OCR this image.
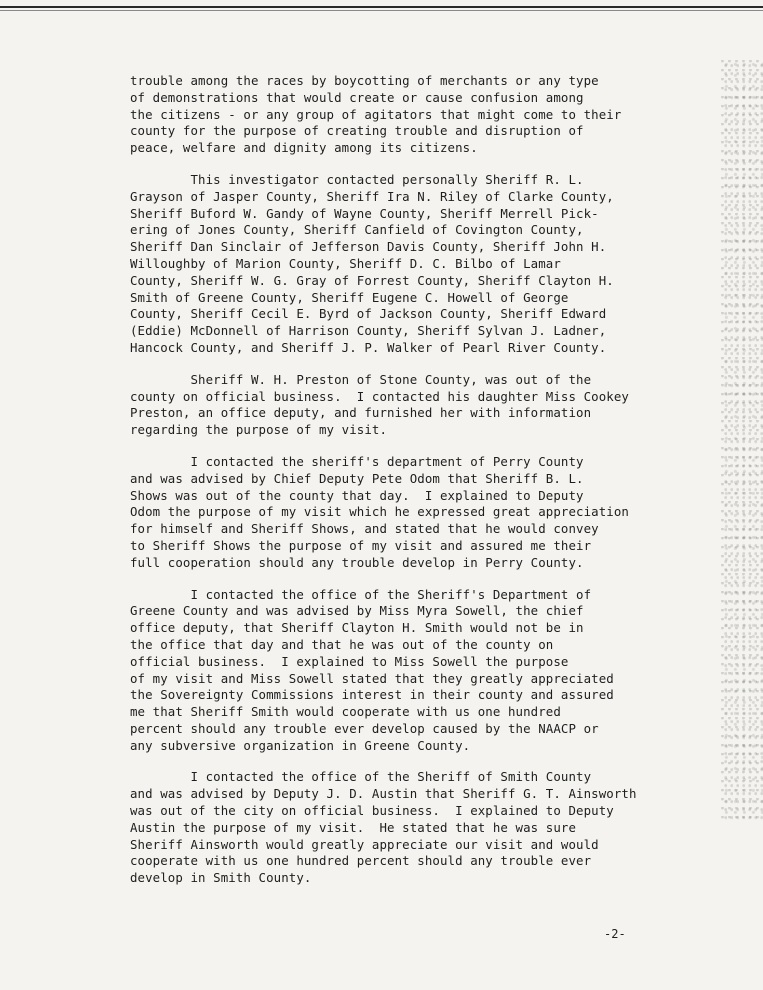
trouble among the races by boycotting of merchants or any type
of demonstrations that would create or cause confusion among
the citizens - or any group of agitators that might come to their
county for the purpose of creating trouble and disruption of
peace, welfare and dignity among its citizens.
This investigator contacted personally Sheriff R. L.
Grayson of Jasper County, Sheriff Ira N. Riley of Clarke County,
Sheriff Buford W. Gandy of Wayne County, Sheriff Merrell Pick-
ering of Jones County, Sheriff Canfield of Covington County,
Sheriff Dan Sinclair of Jefferson Davis County, Sheriff John H.
Willoughby of Marion County, Sheriff D. C. Bilbo of Lamar
County, Sheriff W. G. Gray of Forrest County, Sheriff Clayton H.
Smith of Greene County, Sheriff Eugene C. Howell of George
County, Sheriff Cecil E. Byrd of Jackson County, Sheriff Edward
(Eddie) McDonnell of Harrison County, Sheriff Sylvan J. Ladner,
Hancock County, and Sheriff J. P. Walker of Pearl River County.
Sheriff W. H. Preston of Stone County, was out of the
county on official business.  I contacted his daughter Miss Cookey
Preston, an office deputy, and furnished her with information
regarding the purpose of my visit.
I contacted the sheriff's department of Perry County
and was advised by Chief Deputy Pete Odom that Sheriff B. L.
Shows was out of the county that day.  I explained to Deputy
Odom the purpose of my visit which he expressed great appreciation
for himself and Sheriff Shows, and stated that he would convey
to Sheriff Shows the purpose of my visit and assured me their
full cooperation should any trouble develop in Perry County.
I contacted the office of the Sheriff's Department of
Greene County and was advised by Miss Myra Sowell, the chief
office deputy, that Sheriff Clayton H. Smith would not be in
the office that day and that he was out of the county on
official business.  I explained to Miss Sowell the purpose
of my visit and Miss Sowell stated that they greatly appreciated
the Sovereignty Commissions interest in their county and assured
me that Sheriff Smith would cooperate with us one hundred
percent should any trouble ever develop caused by the NAACP or
any subversive organization in Greene County.
I contacted the office of the Sheriff of Smith County
and was advised by Deputy J. D. Austin that Sheriff G. T. Ainsworth
was out of the city on official business.  I explained to Deputy
Austin the purpose of my visit.  He stated that he was sure
Sheriff Ainsworth would greatly appreciate our visit and would
cooperate with us one hundred percent should any trouble ever
develop in Smith County.
-2-
